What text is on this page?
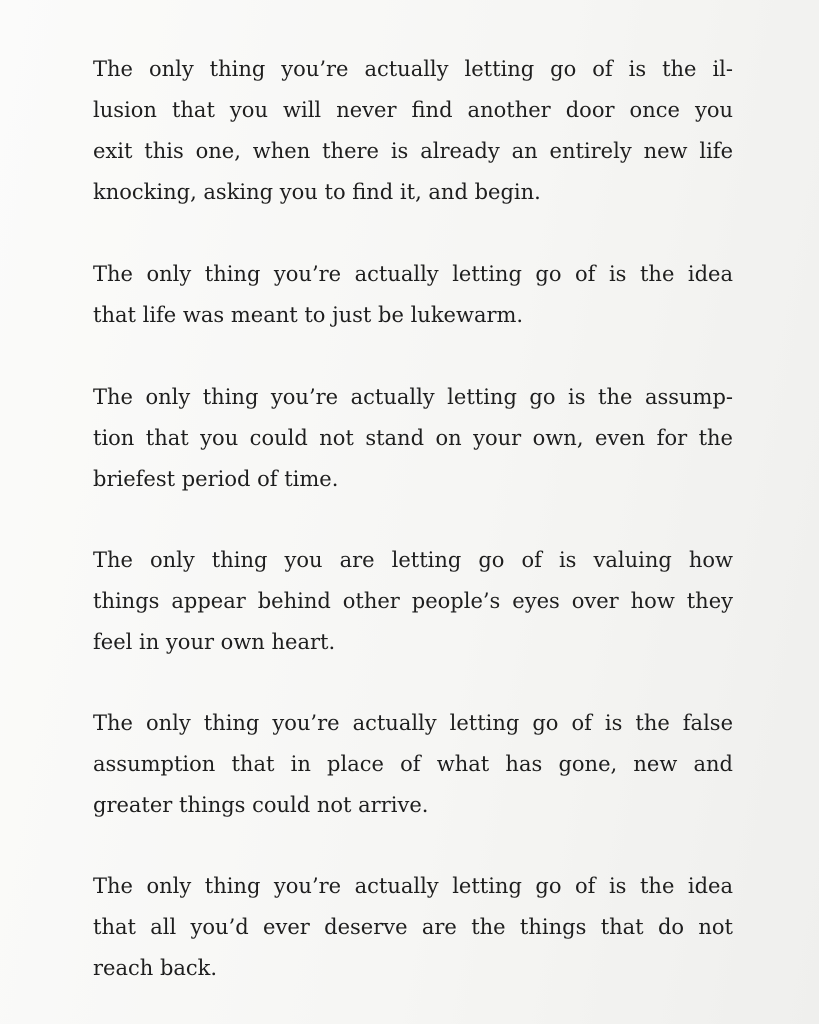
The only thing you’re actually letting go of is the il-
lusion that you will never find another door once you
exit this one, when there is already an entirely new life
knocking, asking you to find it, and begin.

The only thing you’re actually letting go of is the idea
that life was meant to just be lukewarm.

The only thing you’re actually letting go is the assump-
tion that you could not stand on your own, even for the
briefest period of time.

The only thing you are letting go of is valuing how
things appear behind other people’s eyes over how they
feel in your own heart.

The only thing you’re actually letting go of is the false
assumption that in place of what has gone, new and
greater things could not arrive.

The only thing you’re actually letting go of is the idea
that all you’d ever deserve are the things that do not
reach back.
